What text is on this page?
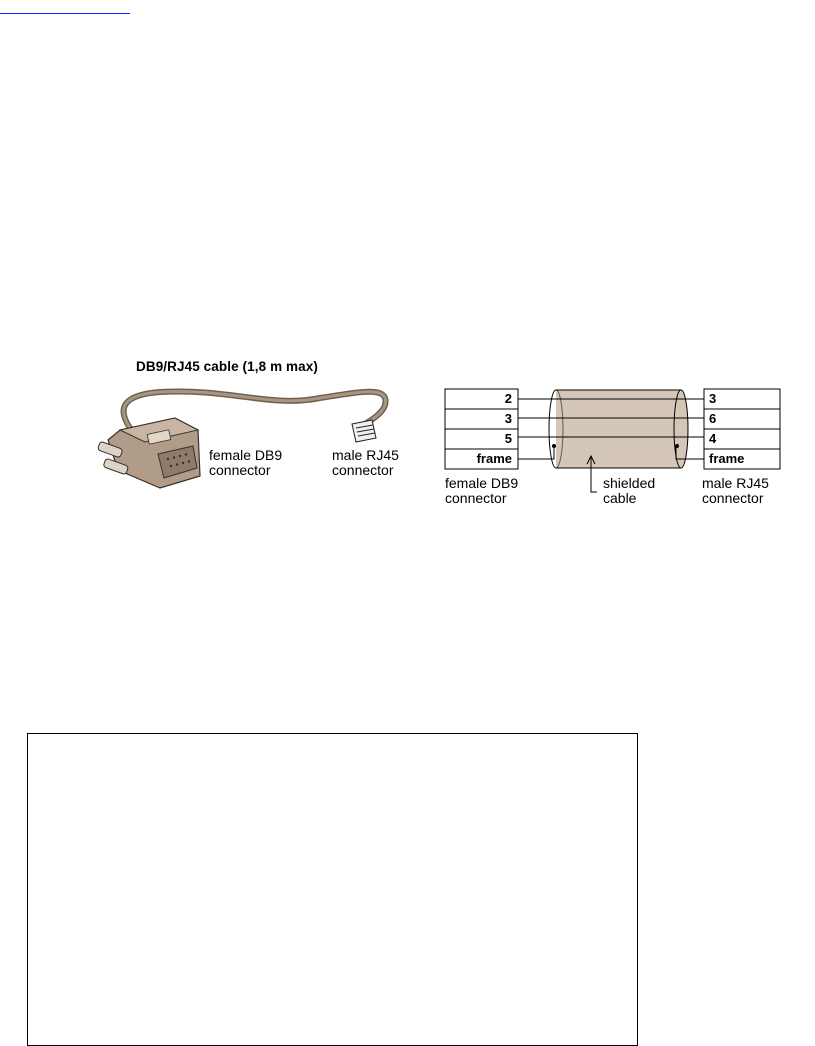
DB9/RJ45 cable (1,8 m max)
female DB9
connector
male RJ45
connector
2
3
5
frame
3
6
4
frame
female DB9
connector
shielded
cable
male RJ45
connector
